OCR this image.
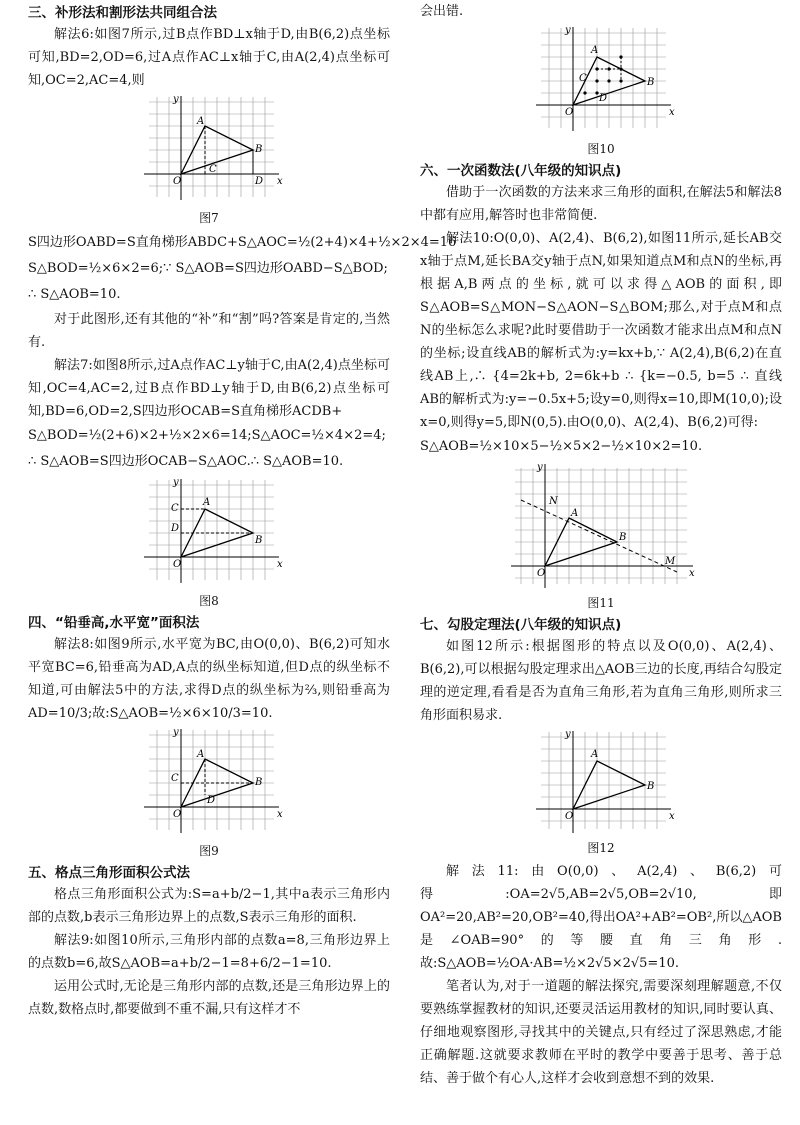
三、补形法和割形法共同组合法

解法6:如图7所示,过B点作BD⊥x轴于D,由B(6,2)点坐标可知,BD=2,OD=6,过A点作AC⊥x轴于C,由A(2,4)点坐标可知,OC=2,AC=4,则

A
B
C
D
O	x
y
图7
S四边形OABD=S直角梯形ABDC+S△AOC=½(2+4)×4+½×2×4=16
S△BOD=½×6×2=6;∵ S△AOB=S四边形OABD−S△BOD;
∴ S△AOB=10.

对于此图形,还有其他的“补”和“割”吗?答案是肯定的,当然有.

解法7:如图8所示,过A点作AC⊥y轴于C,由A(2,4)点坐标可知,OC=4,AC=2,过B点作BD⊥y轴于D,由B(6,2)点坐标可知,BD=6,OD=2,S四边形OCAB=S直角梯形ACDB+

S△BOD=½(2+6)×2+½×2×6=14;S△AOC=½×4×2=4;
∴ S△AOB=S四边形OCAB−S△AOC.∴ S△AOB=10.
A
B
C
D
O	x
y
图8
四、“铅垂高,水平宽”面积法

解法8:如图9所示,水平宽为BC,由O(0,0)、B(6,2)可知水平宽BC=6,铅垂高为AD,A点的纵坐标知道,但D点的纵坐标不知道,可由解法5中的方法,求得D点的纵坐标为⅔,则铅垂高为AD=10/3;故:S△AOB=½×6×10/3=10.

A
B
C
D
O	x
y
图9
五、格点三角形面积公式法

格点三角形面积公式为:S=a+b/2−1,其中a表示三角形内部的点数,b表示三角形边界上的点数,S表示三角形的面积.

解法9:如图10所示,三角形内部的点数a=8,三角形边界上的点数b=6,故S△AOB=a+b/2−1=8+6/2−1=10.

运用公式时,无论是三角形内部的点数,还是三角形边界上的点数,数格点时,都要做到不重不漏,只有这样才不

会出错.

A
B
C
D
O	x
y
图10
六、一次函数法(八年级的知识点)

借助于一次函数的方法来求三角形的面积,在解法5和解法8中都有应用,解答时也非常简便.

解法10:O(0,0)、A(2,4)、B(6,2),如图11所示,延长AB交x轴于点M,延长BA交y轴于点N,如果知道点M和点N的坐标,再根据A,B两点的坐标,就可以求得△AOB的面积,即S△AOB=S△MON−S△AON−S△BOM;那么,对于点M和点N的坐标怎么求呢?此时要借助于一次函数才能求出点M和点N的坐标;设直线AB的解析式为:y=kx+b,∵ A(2,4),B(6,2)在直线AB上,∴ {4=2k+b, 2=6k+b ∴ {k=−0.5, b=5 ∴ 直线AB的解析式为:y=−0.5x+5;设y=0,则得x=10,即M(10,0);设x=0,则得y=5,即N(0,5).由O(0,0)、A(2,4)、B(6,2)可得:

S△AOB=½×10×5−½×5×2−½×10×2=10.
A
B
N
M
O	x
y
图11
七、勾股定理法(八年级的知识点)

如图12所示:根据图形的特点以及O(0,0)、A(2,4)、B(6,2),可以根据勾股定理求出△AOB三边的长度,再结合勾股定理的逆定理,看看是否为直角三角形,若为直角三角形,则所求三角形面积易求.

A
B
O	x
y
图12

解法11:由O(0,0)、A(2,4)、B(6,2)可得:OA=2√5,AB=2√5,OB=2√10,即OA²=20,AB²=20,OB²=40,得出OA²+AB²=OB²,所以△AOB是∠OAB=90°的等腰直角三角形.故:S△AOB=½OA·AB=½×2√5×2√5=10.

笔者认为,对于一道题的解法探究,需要深刻理解题意,不仅要熟练掌握教材的知识,还要灵活运用教材的知识,同时要认真、仔细地观察图形,寻找其中的关键点,只有经过了深思熟虑,才能正确解题.这就要求教师在平时的教学中要善于思考、善于总结、善于做个有心人,这样才会收到意想不到的效果.
